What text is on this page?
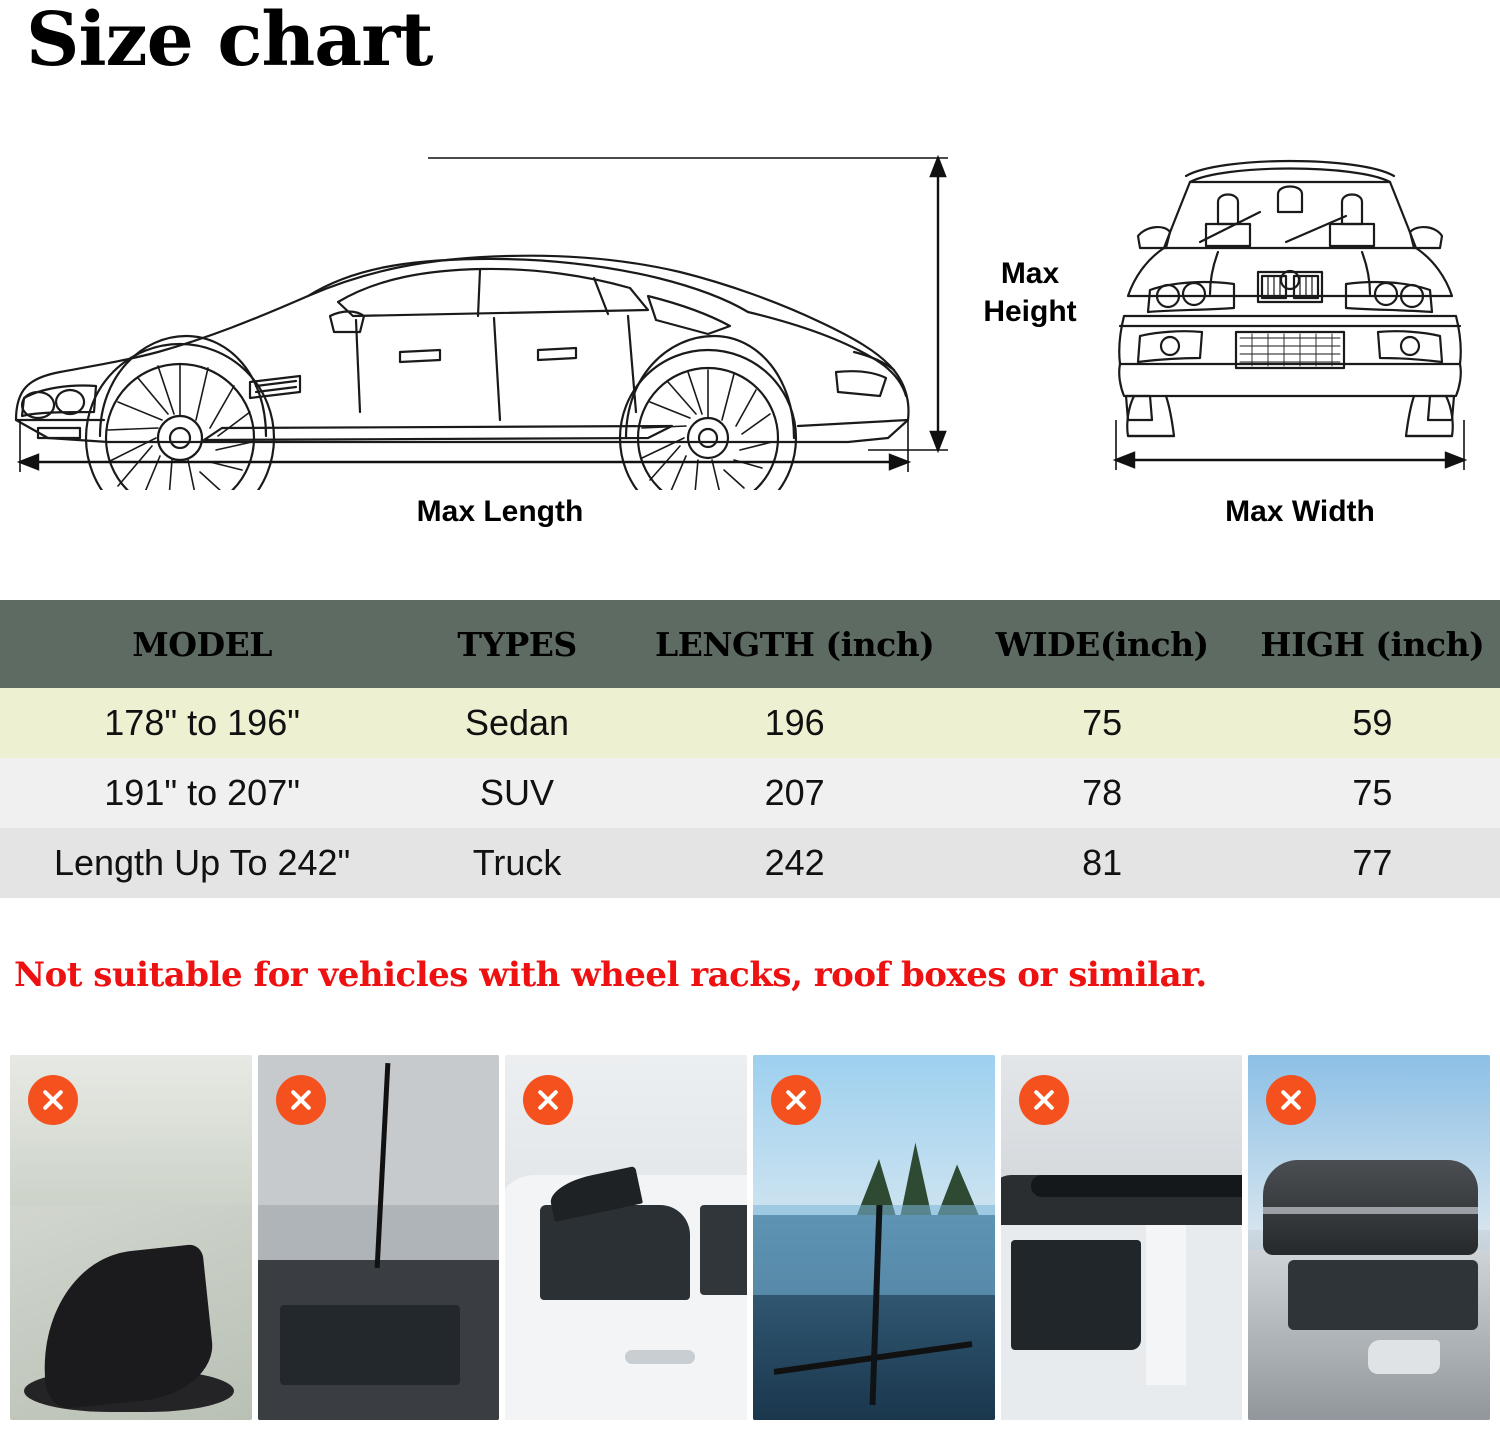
Size chart
Max Length	Max Width
Max
Height
MODEL	TYPES	LENGTH (inch)	WIDE(inch)	HIGH (inch)
178" to 196"	Sedan	196	75	59
191" to 207"	SUV	207	78	75
Length Up To 242"	Truck	242	81	77
Not suitable for vehicles with wheel racks, roof boxes or similar.
